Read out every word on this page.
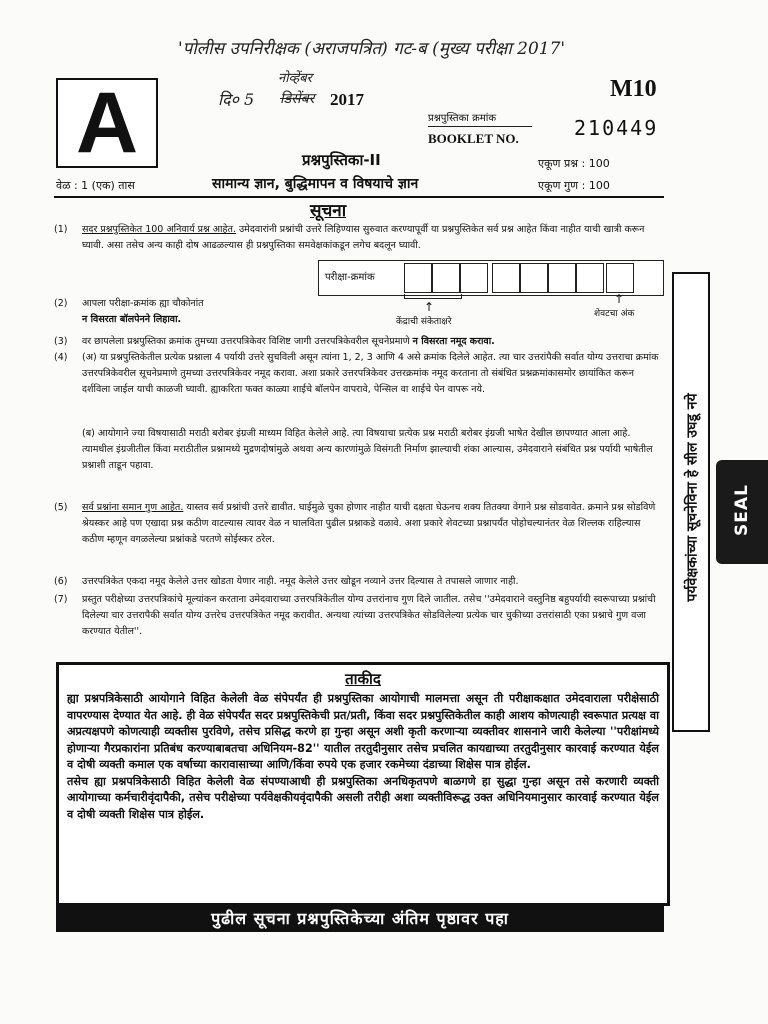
'पोलीस उपनिरीक्षक (अराजपत्रित) गट-ब (मुख्य परीक्षा 2017'
A	नोव्हेंबर
दि० 5 डिसेंबर 2017	M10
प्रश्नपुस्तिका क्रमांक
BOOKLET NO.	210449
प्रश्नपुस्तिका-II	एकूण प्रश्न : 100
वेळ : 1 (एक) तास	सामान्य ज्ञान, बुद्धिमापन व विषयाचे ज्ञान	एकूण गुण : 100
सूचना
(1) सदर प्रश्नपुस्तिकेत 100 अनिवार्य प्रश्न आहेत. उमेदवारांनी प्रश्नांची उत्तरे लिहिण्यास सुरुवात करण्यापूर्वी या प्रश्नपुस्तिकेत सर्व प्रश्न आहेत किंवा नाहीत याची खात्री करून घ्यावी. असा तसेच अन्य काही दोष आढळल्यास ही प्रश्नपुस्तिका समवेक्षकांकडून लगेच बदलून घ्यावी.
परीक्षा-क्रमांक
↑
↑
केंद्राची संकेताक्षरे
शेवटचा अंक
(2) आपला परीक्षा-क्रमांक ह्या चौकोनांत
न विसरता बॉलपेनने लिहावा.
(3) वर छापलेला प्रश्नपुस्तिका क्रमांक तुमच्या उत्तरपत्रिकेवर विशिष्ट जागी उत्तरपत्रिकेवरील सूचनेप्रमाणे न विसरता नमूद करावा.
(4) (अ) या प्रश्नपुस्तिकेतील प्रत्येक प्रश्नाला 4 पर्यायी उत्तरे सुचविली असून त्यांना 1, 2, 3 आणि 4 असे क्रमांक दिलेले आहेत. त्या चार उत्तरांपैकी सर्वात योग्य उत्तराचा क्रमांक उत्तरपत्रिकेवरील सूचनेप्रमाणे तुमच्या उत्तरपत्रिकेवर नमूद करावा. अशा प्रकारे उत्तरपत्रिकेवर उत्तरक्रमांक नमूद करताना तो संबंधित प्रश्नक्रमांकासमोर छायांकित करून दर्शविला जाईल याची काळजी घ्यावी. ह्याकरिता फक्त काळ्या शाईचे बॉलपेन वापरावे, पेन्सिल वा शाईचे पेन वापरू नये.
(ब) आयोगाने ज्या विषयासाठी मराठी बरोबर इंग्रजी माध्यम विहित केलेले आहे. त्या विषयाचा प्रत्येक प्रश्न मराठी बरोबर इंग्रजी भाषेत देखील छापण्यात आला आहे. त्यामधील इंग्रजीतील किंवा मराठीतील प्रश्नामध्ये मुद्रणदोषांमुळे अथवा अन्य कारणांमुळे विसंगती निर्माण झाल्याची शंका आल्यास, उमेदवाराने संबंधित प्रश्न पर्यायी भाषेतील प्रश्नाशी ताडून पहावा.
(5) सर्व प्रश्नांना समान गुण आहेत. यास्तव सर्व प्रश्नांची उत्तरे द्यावीत. घाईमुळे चुका होणार नाहीत याची दक्षता घेऊनच शक्य तितक्या वेगाने प्रश्न सोडवावेत. क्रमाने प्रश्न सोडविणे श्रेयस्कर आहे पण एखादा प्रश्न कठीण वाटल्यास त्यावर वेळ न घालविता पुढील प्रश्नाकडे वळावे. अशा प्रकारे शेवटच्या प्रश्नापर्यंत पोहोचल्यानंतर वेळ शिल्लक राहिल्यास कठीण म्हणून वगळलेल्या प्रश्नांकडे परतणे सोईस्कर ठरेल.
(6) उत्तरपत्रिकेत एकदा नमूद केलेले उत्तर खोडता येणार नाही. नमूद केलेले उत्तर खोडून नव्याने उत्तर दिल्यास ते तपासले जाणार नाही.
(7) प्रस्तुत परीक्षेच्या उत्तरपत्रिकांचे मूल्यांकन करताना उमेदवाराच्या उत्तरपत्रिकेतील योग्य उत्तरांनाच गुण दिले जातील. तसेच ''उमेदवाराने वस्तुनिष्ठ बहुपर्यायी स्वरूपाच्या प्रश्नांची दिलेल्या चार उत्तरापैकी सर्वात योग्य उत्तरेच उत्तरपत्रिकेत नमूद करावीत. अन्यथा त्यांच्या उत्तरपत्रिकेत सोडविलेल्या प्रत्येक चार चुकीच्या उत्तरांसाठी एका प्रश्नाचे गुण वजा करण्यात येतील''.
ताकीद
ह्या प्रश्नपत्रिकेसाठी आयोगाने विहित केलेली वेळ संपेपर्यंत ही प्रश्नपुस्तिका आयोगाची मालमत्ता असून ती परीक्षाकक्षात उमेदवाराला परीक्षेसाठी वापरण्यास देण्यात येत आहे. ही वेळ संपेपर्यंत सदर प्रश्नपुस्तिकेची प्रत/प्रती, किंवा सदर प्रश्नपुस्तिकेतील काही आशय कोणत्याही स्वरूपात प्रत्यक्ष वा अप्रत्यक्षपणे कोणत्याही व्यक्तीस पुरविणे, तसेच प्रसिद्ध करणे हा गुन्हा असून अशी कृती करणाऱ्या व्यक्तीवर शासनाने जारी केलेल्या ''परीक्षांमध्ये होणाऱ्या गैरप्रकारांना प्रतिबंध करण्याबाबतचा अधिनियम-82'' यातील तरतुदीनुसार तसेच प्रचलित कायद्याच्या तरतुदीनुसार कारवाई करण्यात येईल व दोषी व्यक्ती कमाल एक वर्षाच्या कारावासाच्या आणि/किंवा रुपये एक हजार रकमेच्या दंडाच्या शिक्षेस पात्र होईल.
तसेच ह्या प्रश्नपत्रिकेसाठी विहित केलेली वेळ संपण्याआधी ही प्रश्नपुस्तिका अनधिकृतपणे बाळगणे हा सुद्धा गुन्हा असून तसे करणारी व्यक्ती आयोगाच्या कर्मचारीवृंदापैकी, तसेच परीक्षेच्या पर्यवेक्षकीयवृंदापैकी असली तरीही अशा व्यक्तीविरूद्ध उक्त अधिनियमानुसार कारवाई करण्यात येईल व दोषी व्यक्ती शिक्षेस पात्र होईल.
पुढील सूचना प्रश्नपुस्तिकेच्या अंतिम पृष्ठावर पहा
पर्यवेक्षकांच्या सूचनेविना हे सील उघडू नये SEAL
